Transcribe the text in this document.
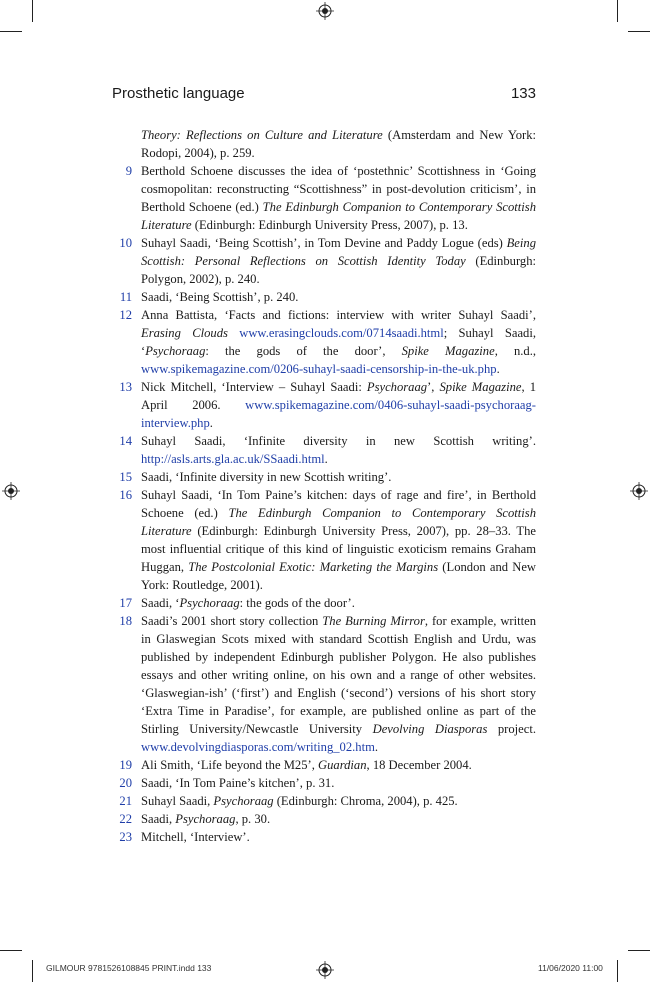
Prosthetic language	133

Theory: Reflections on Culture and Literature (Amsterdam and New York: Rodopi, 2004), p. 259.

9 Berthold Schoene discusses the idea of ‘postethnic’ Scottishness in ‘Going cosmopolitan: reconstructing “Scottishness” in post-devolution criticism’, in Berthold Schoene (ed.) The Edinburgh Companion to Contemporary Scottish Literature (Edinburgh: Edinburgh University Press, 2007), p. 13.

10 Suhayl Saadi, ‘Being Scottish’, in Tom Devine and Paddy Logue (eds) Being Scottish: Personal Reflections on Scottish Identity Today (Edinburgh: Polygon, 2002), p. 240.

11 Saadi, ‘Being Scottish’, p. 240.

12 Anna Battista, ‘Facts and fictions: interview with writer Suhayl Saadi’, Erasing Clouds www.erasingclouds.com/0714saadi.html; Suhayl Saadi, ‘Psychoraag: the gods of the door’, Spike Magazine, n.d., www.spikemagazine.com/0206-suhayl-saadi-censorship-in-the-uk.php.

13 Nick Mitchell, ‘Interview – Suhayl Saadi: Psychoraag’, Spike Magazine, 1 April 2006. www.spikemagazine.com/0406-suhayl-saadi-psychoraag-interview.php.

14 Suhayl Saadi, ‘Infinite diversity in new Scottish writing’. http://asls.arts.gla.ac.uk/SSaadi.html.

15 Saadi, ‘Infinite diversity in new Scottish writing’.

16 Suhayl Saadi, ‘In Tom Paine’s kitchen: days of rage and fire’, in Berthold Schoene (ed.) The Edinburgh Companion to Contemporary Scottish Literature (Edinburgh: Edinburgh University Press, 2007), pp. 28–33. The most influential critique of this kind of linguistic exoticism remains Graham Huggan, The Postcolonial Exotic: Marketing the Margins (London and New York: Routledge, 2001).

17 Saadi, ‘Psychoraag: the gods of the door’.

18 Saadi’s 2001 short story collection The Burning Mirror, for example, written in Glaswegian Scots mixed with standard Scottish English and Urdu, was published by independent Edinburgh publisher Polygon. He also publishes essays and other writing online, on his own and a range of other websites. ‘Glaswegian-ish’ (‘first’) and English (‘second’) versions of his short story ‘Extra Time in Paradise’, for example, are published online as part of the Stirling University/Newcastle University Devolving Diasporas project. www.devolvingdiasporas.com/writing_02.htm.

19 Ali Smith, ‘Life beyond the M25’, Guardian, 18 December 2004.

20 Saadi, ‘In Tom Paine’s kitchen’, p. 31.

21 Suhayl Saadi, Psychoraag (Edinburgh: Chroma, 2004), p. 425.

22 Saadi, Psychoraag, p. 30.

23 Mitchell, ‘Interview’.

GILMOUR 9781526108845 PRINT.indd 133	11/06/2020 11:00
